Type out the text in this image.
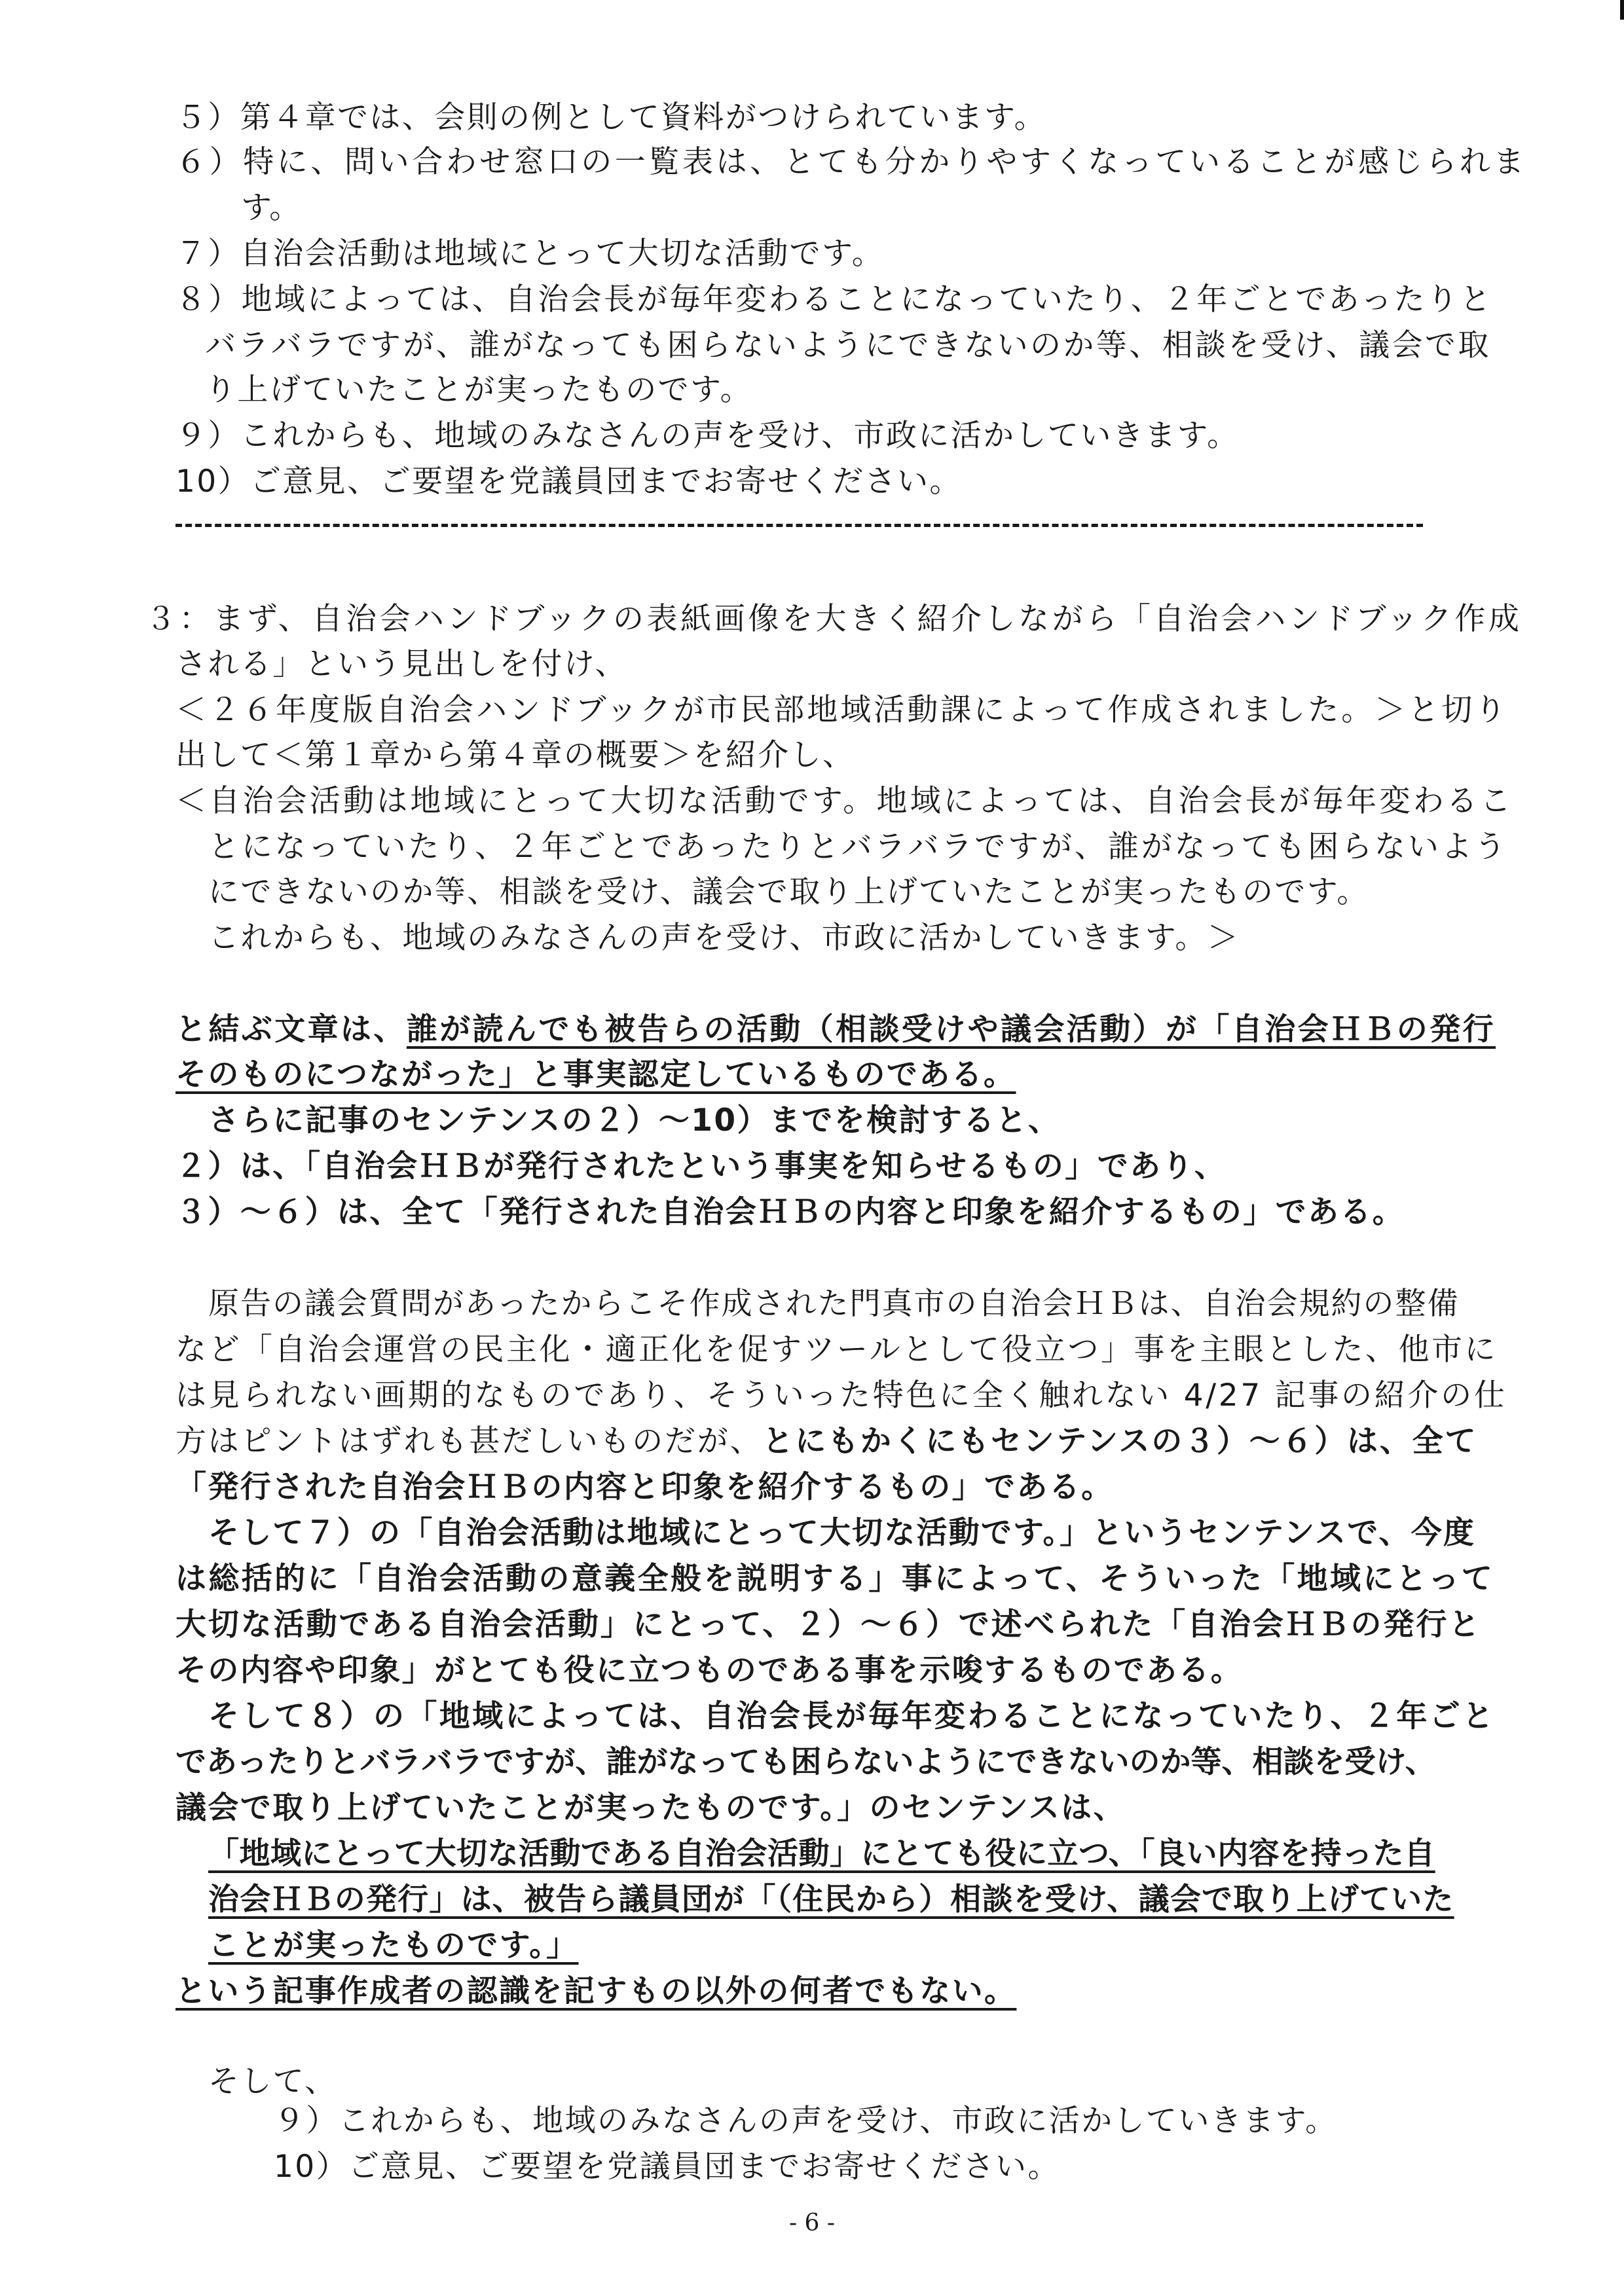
５）第４章では、会則の例として資料がつけられています。
６）特に、問い合わせ窓口の一覧表は、とても分かりやすくなっていることが感じられま
す。
７）自治会活動は地域にとって大切な活動です。
８）地域によっては、自治会長が毎年変わることになっていたり、２年ごとであったりと
バラバラですが、誰がなっても困らないようにできないのか等、相談を受け、議会で取
り上げていたことが実ったものです。
９）これからも、地域のみなさんの声を受け、市政に活かしていきます。
10）ご意見、ご要望を党議員団までお寄せください。
３：まず、自治会ハンドブックの表紙画像を大きく紹介しながら「自治会ハンドブック作成
される」という見出しを付け、
＜２６年度版自治会ハンドブックが市民部地域活動課によって作成されました。＞と切り
出して＜第１章から第４章の概要＞を紹介し、
＜自治会活動は地域にとって大切な活動です。地域によっては、自治会長が毎年変わるこ
とになっていたり、２年ごとであったりとバラバラですが、誰がなっても困らないよう
にできないのか等、相談を受け、議会で取り上げていたことが実ったものです。
これからも、地域のみなさんの声を受け、市政に活かしていきます。＞
と結ぶ文章は、誰が読んでも被告らの活動（相談受けや議会活動）が「自治会ＨＢの発行
そのものにつながった」と事実認定しているものである。
さらに記事のセンテンスの２）～10）までを検討すると、
２）は、「自治会ＨＢが発行されたという事実を知らせるもの」であり、
３）～６）は、全て「発行された自治会ＨＢの内容と印象を紹介するもの」である。
原告の議会質問があったからこそ作成された門真市の自治会ＨＢは、自治会規約の整備
など「自治会運営の民主化・適正化を促すツールとして役立つ」事を主眼とした、他市に
は見られない画期的なものであり、そういった特色に全く触れない 4/27 記事の紹介の仕
方はピントはずれも甚だしいものだが、とにもかくにもセンテンスの３）～６）は、全て
「発行された自治会ＨＢの内容と印象を紹介するもの」である。
そして７）の「自治会活動は地域にとって大切な活動です。」というセンテンスで、今度
は総括的に「自治会活動の意義全般を説明する」事によって、そういった「地域にとって
大切な活動である自治会活動」にとって、２）～６）で述べられた「自治会ＨＢの発行と
その内容や印象」がとても役に立つものである事を示唆するものである。
そして８）の「地域によっては、自治会長が毎年変わることになっていたり、２年ごと
であったりとバラバラですが、誰がなっても困らないようにできないのか等、相談を受け、
議会で取り上げていたことが実ったものです。」のセンテンスは、
「地域にとって大切な活動である自治会活動」にとても役に立つ、「良い内容を持った自
治会ＨＢの発行」は、被告ら議員団が「（住民から）相談を受け、議会で取り上げていた
ことが実ったものです。」
という記事作成者の認識を記すもの以外の何者でもない。
そして、
９）これからも、地域のみなさんの声を受け、市政に活かしていきます。
10）ご意見、ご要望を党議員団までお寄せください。
- 6 -
